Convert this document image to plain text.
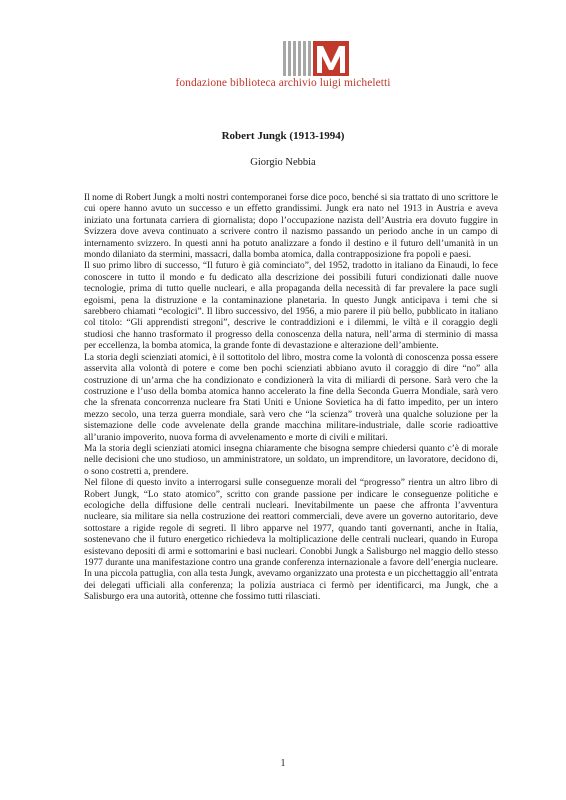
fondazione biblioteca archivio luigi micheletti
Robert Jungk (1913-1994)
Giorgio Nebbia

Il nome di Robert Jungk a molti nostri contemporanei forse dice poco, benché si sia trattato di uno scrittore le cui opere hanno avuto un successo e un effetto grandissimi. Jungk era nato nel 1913 in Austria e aveva iniziato una fortunata carriera di giornalista; dopo l’occupazione nazista dell’Austria era dovuto fuggire in Svizzera dove aveva continuato a scrivere contro il nazismo passando un periodo anche in un campo di internamento svizzero. In questi anni ha potuto analizzare a fondo il destino e il futuro dell’umanità in un mondo dilaniato da stermini, massacri, dalla bomba atomica, dalla contrapposizione fra popoli e paesi.

Il suo primo libro di successo, “Il futuro è già cominciato”, del 1952, tradotto in italiano da Einaudi, lo fece conoscere in tutto il mondo e fu dedicato alla descrizione dei possibili futuri condizionati dalle nuove tecnologie, prima di tutto quelle nucleari, e alla propaganda della necessità di far prevalere la pace sugli egoismi, pena la distruzione e la contaminazione planetaria. In questo Jungk anticipava i temi che si sarebbero chiamati “ecologici”. Il libro successivo, del 1956, a mio parere il più bello, pubblicato in italiano col titolo: “Gli apprendisti stregoni”, descrive le contraddizioni e i dilemmi, le viltà e il coraggio degli studiosi che hanno trasformato il progresso della conoscenza della natura, nell’arma di sterminio di massa per eccellenza, la bomba atomica, la grande fonte di devastazione e alterazione dell’ambiente.

La storia degli scienziati atomici, è il sottotitolo del libro, mostra come la volontà di conoscenza possa essere asservita alla volontà di potere e come ben pochi scienziati abbiano avuto il coraggio di dire “no” alla costruzione di un’arma che ha condizionato e condizionerà la vita di miliardi di persone. Sarà vero che la costruzione e l’uso della bomba atomica hanno accelerato la fine della Seconda Guerra Mondiale, sarà vero che la sfrenata concorrenza nucleare fra Stati Uniti e Unione Sovietica ha di fatto impedito, per un intero mezzo secolo, una terza guerra mondiale, sarà vero che “la scienza” troverà una qualche soluzione per la sistemazione delle code avvelenate della grande macchina militare-industriale, dalle scorie radioattive all’uranio impoverito, nuova forma di avvelenamento e morte di civili e militari.

Ma la storia degli scienziati atomici insegna chiaramente che bisogna sempre chiedersi quanto c’è di morale nelle decisioni che uno studioso, un amministratore, un soldato, un imprenditore, un lavoratore, decidono di, o sono costretti a, prendere.

Nel filone di questo invito a interrogarsi sulle conseguenze morali del “progresso” rientra un altro libro di Robert Jungk, “Lo stato atomico”, scritto con grande passione per indicare le conseguenze politiche e ecologiche della diffusione delle centrali nucleari. Inevitabilmente un paese che affronta l’avventura nucleare, sia militare sia nella costruzione dei reattori commerciali, deve avere un governo autoritario, deve sottostare a rigide regole di segreti. Il libro apparve nel 1977, quando tanti governanti, anche in Italia, sostenevano che il futuro energetico richiedeva la moltiplicazione delle centrali nucleari, quando in Europa esistevano depositi di armi e sottomarini e basi nucleari. Conobbi Jungk a Salisburgo nel maggio dello stesso 1977 durante una manifestazione contro una grande conferenza internazionale a favore dell’energia nucleare. In una piccola pattuglia, con alla testa Jungk, avevamo organizzato una protesta e un picchettaggio all’entrata dei delegati ufficiali alla conferenza; la polizia austriaca ci fermò per identificarci, ma Jungk, che a Salisburgo era una autorità, ottenne che fossimo tutti rilasciati.

1
